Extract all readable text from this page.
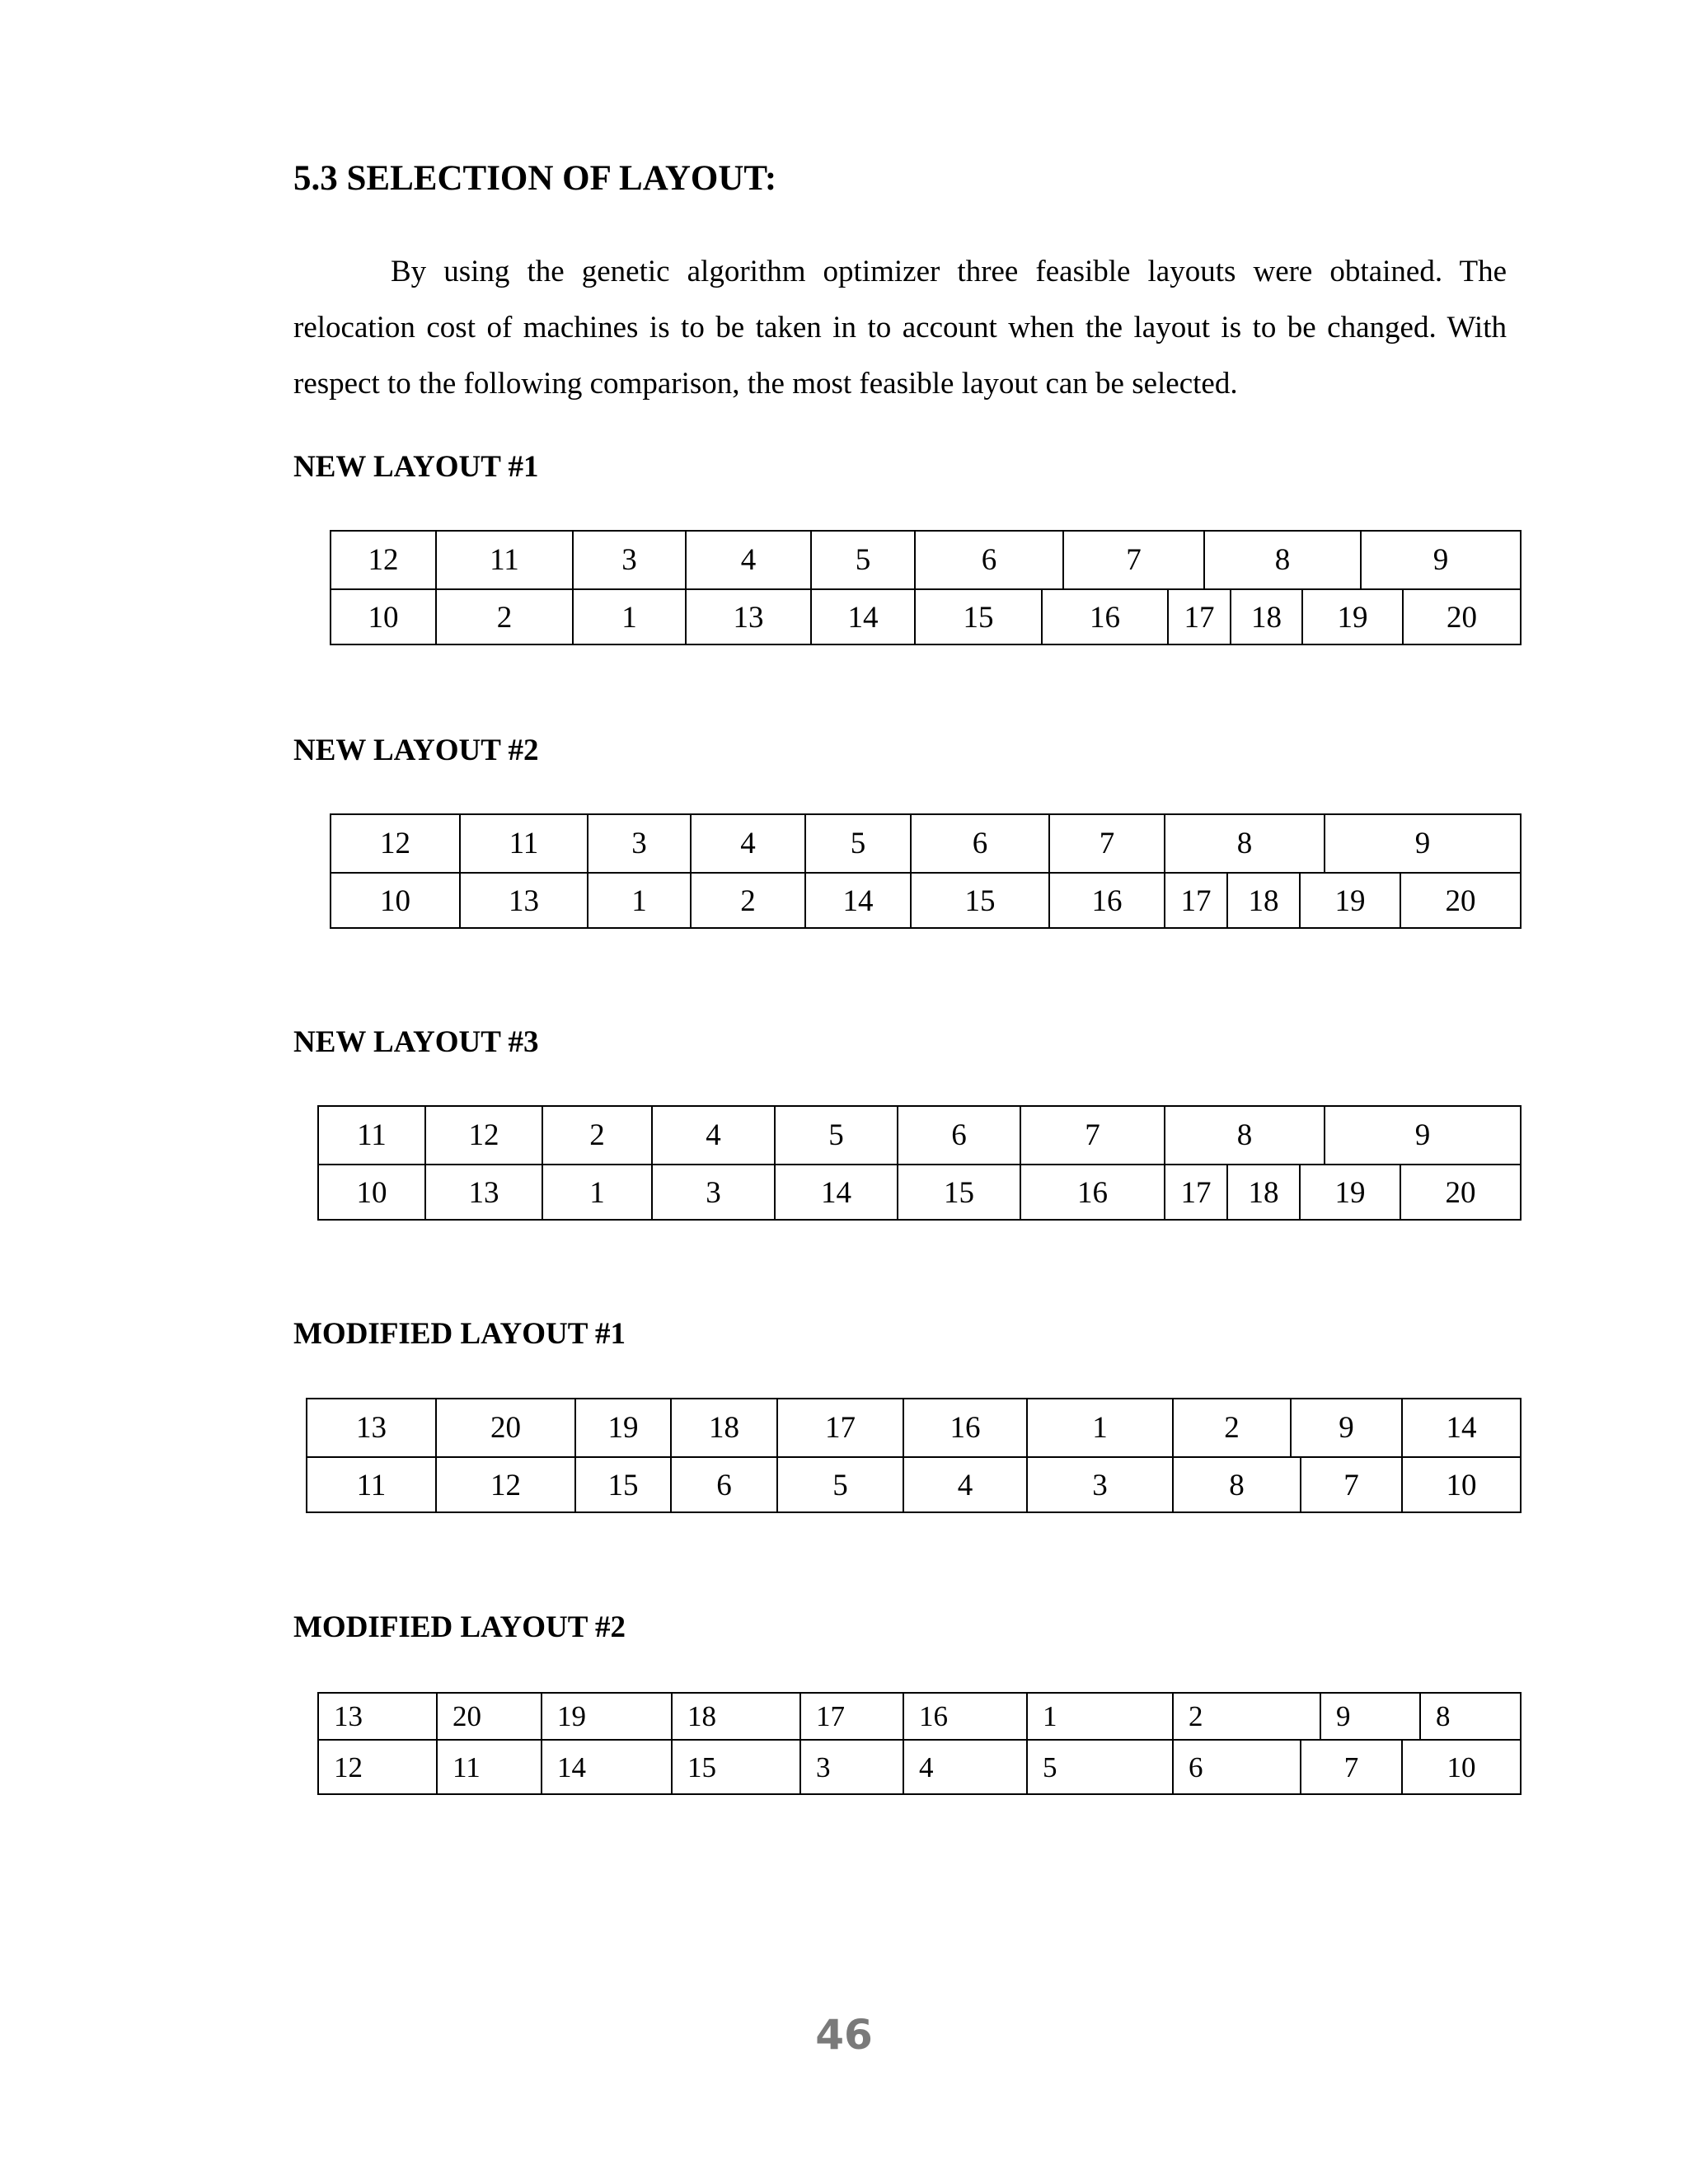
5.3 SELECTION OF LAYOUT:

By using the genetic algorithm optimizer three feasible layouts were obtained. The relocation cost of machines is to be taken in to account when the layout is to be changed. With respect to the following comparison, the most feasible layout can be selected.

NEW LAYOUT #1
12	11	3	4	5	6	7	8	9
10	2	1	13	14	15	16	17	18	19	20
NEW LAYOUT #2
12	11	3	4	5	6	7	8	9
10	13	1	2	14	15	16	17	18	19	20
NEW LAYOUT #3
11	12	2	4	5	6	7	8	9
10	13	1	3	14	15	16	17	18	19	20
MODIFIED LAYOUT #1
13	20	19	18	17	16	1	2	9	14
11	12	15	6	5	4	3	8	7	10
MODIFIED LAYOUT #2
13	20	19	18	17	16	1	2	9	8
12	11	14	15	3	4	5	6	7	10
46
